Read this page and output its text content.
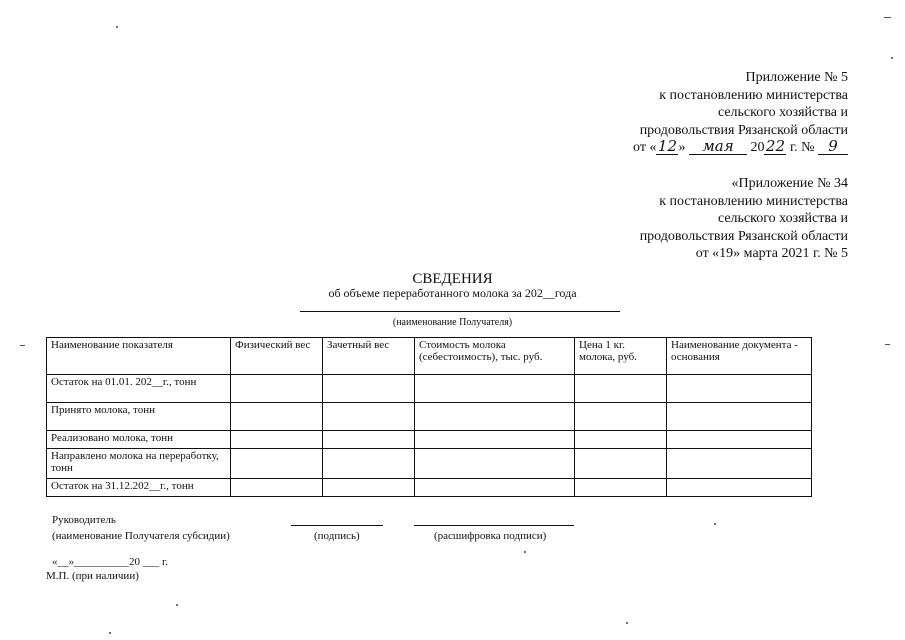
Приложение № 5
к постановлению министерства
сельского хозяйства и
продовольствия Рязанской области
от «12» мая 2022 г. № 9
«Приложение № 34
к постановлению министерства
сельского хозяйства и
продовольствия Рязанской области
от «19» марта 2021 г. № 5
СВЕДЕНИЯ
об объеме переработанного молока за 202__года
(наименование Получателя)
Наименование показателя	Физический вес	Зачетный вес	Стоимость молока (себестоимость), тыс. руб.	Цена 1 кг. молока, руб.	Наименование документа - основания
Остаток на 01.01. 202__г., тонн					
Принято молока, тонн					
Реализовано молока, тонн					
Направлено молока на переработку, тонн					
Остаток на 31.12.202__г., тонн					
Руководитель
(наименование Получателя субсидии)	(подпись)	(расшифровка подписи)
«__»__________20 ___ г.
М.П. (при наличии)
